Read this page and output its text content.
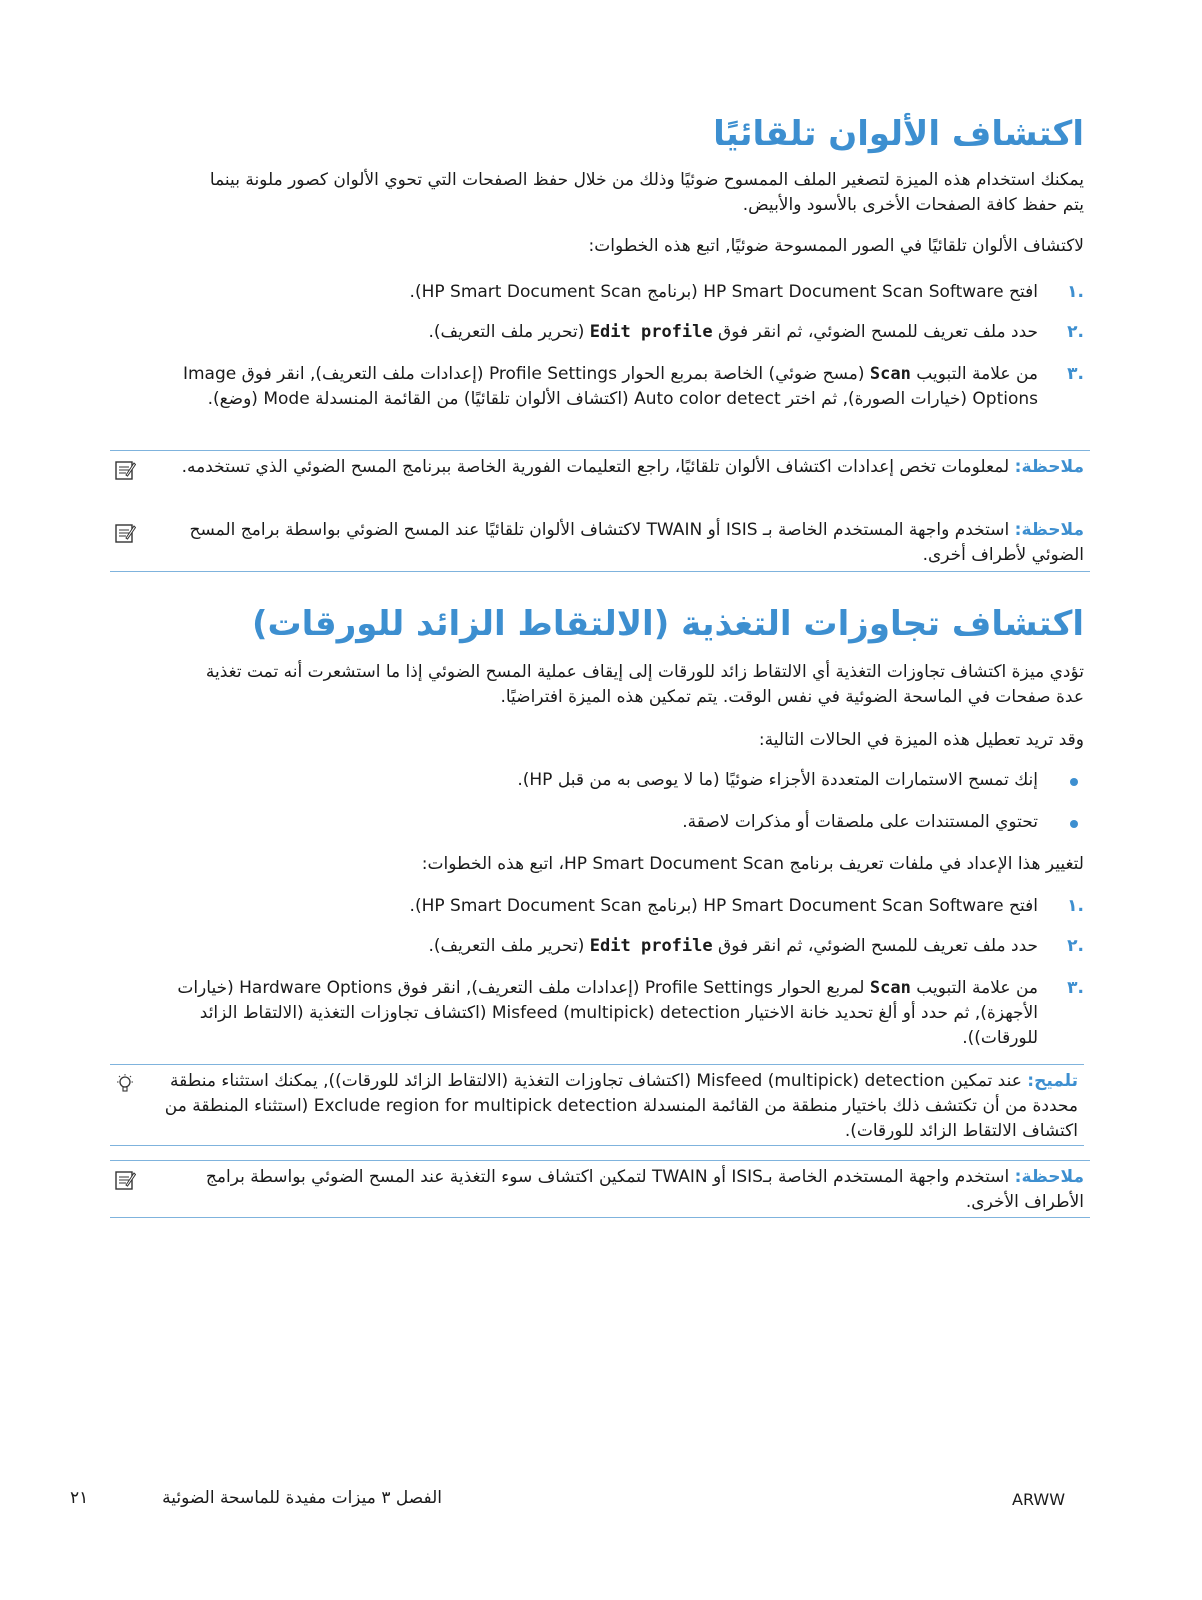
اكتشاف الألوان تلقائيًا

يمكنك استخدام هذه الميزة لتصغير الملف الممسوح ضوئيًا وذلك من خلال حفظ الصفحات التي تحوي الألوان كصور ملونة بينما يتم حفظ كافة الصفحات الأخرى بالأسود والأبيض.

لاكتشاف الألوان تلقائيًا في الصور الممسوحة ضوئيًا, اتبع هذه الخطوات:

.١
افتح HP Smart Document Scan Software (برنامج HP Smart Document Scan).
.٢
حدد ملف تعريف للمسح الضوئي، ثم انقر فوق Edit profile (تحرير ملف التعريف).
.٣
من علامة التبويب Scan (مسح ضوئي) الخاصة بمربع الحوار Profile Settings (إعدادات ملف التعريف), انقر فوق Image Options (خيارات الصورة), ثم اختر Auto color detect (اكتشاف الألوان تلقائيًا) من القائمة المنسدلة Mode (وضع).
ملاحظة: لمعلومات تخص إعدادات اكتشاف الألوان تلقائيًا، راجع التعليمات الفورية الخاصة ببرنامج المسح الضوئي الذي تستخدمه.
ملاحظة: استخدم واجهة المستخدم الخاصة بـ ISIS أو TWAIN لاكتشاف الألوان تلقائيًا عند المسح الضوئي بواسطة برامج المسح الضوئي لأطراف أخرى.
اكتشاف تجاوزات التغذية (الالتقاط الزائد للورقات)

تؤدي ميزة اكتشاف تجاوزات التغذية أي الالتقاط زائد للورقات إلى إيقاف عملية المسح الضوئي إذا ما استشعرت أنه تمت تغذية عدة صفحات في الماسحة الضوئية في نفس الوقت. يتم تمكين هذه الميزة افتراضيًا.

وقد تريد تعطيل هذه الميزة في الحالات التالية:

إنك تمسح الاستمارات المتعددة الأجزاء ضوئيًا (ما لا يوصى به من قبل HP).
تحتوي المستندات على ملصقات أو مذكرات لاصقة.

لتغيير هذا الإعداد في ملفات تعريف برنامج HP Smart Document Scan، اتبع هذه الخطوات:

.١
افتح HP Smart Document Scan Software (برنامج HP Smart Document Scan).
.٢
حدد ملف تعريف للمسح الضوئي، ثم انقر فوق Edit profile (تحرير ملف التعريف).
.٣
من علامة التبويب Scan لمربع الحوار Profile Settings (إعدادات ملف التعريف), انقر فوق Hardware Options (خيارات الأجهزة), ثم حدد أو ألغ تحديد خانة الاختيار Misfeed (multipick) detection (اكتشاف تجاوزات التغذية (الالتقاط الزائد للورقات)).
تلميح: عند تمكين Misfeed (multipick) detection (اكتشاف تجاوزات التغذية (الالتقاط الزائد للورقات)), يمكنك استثناء منطقة محددة من أن تكتشف ذلك باختيار منطقة من القائمة المنسدلة Exclude region for multipick detection (استثناء المنطقة من اكتشاف الالتقاط الزائد للورقات).
ملاحظة: استخدم واجهة المستخدم الخاصة بـISIS أو TWAIN لتمكين اكتشاف سوء التغذية عند المسح الضوئي بواسطة برامج الأطراف الأخرى.
ARWW
الفصل ٣ ميزات مفيدة للماسحة الضوئية
٢١
